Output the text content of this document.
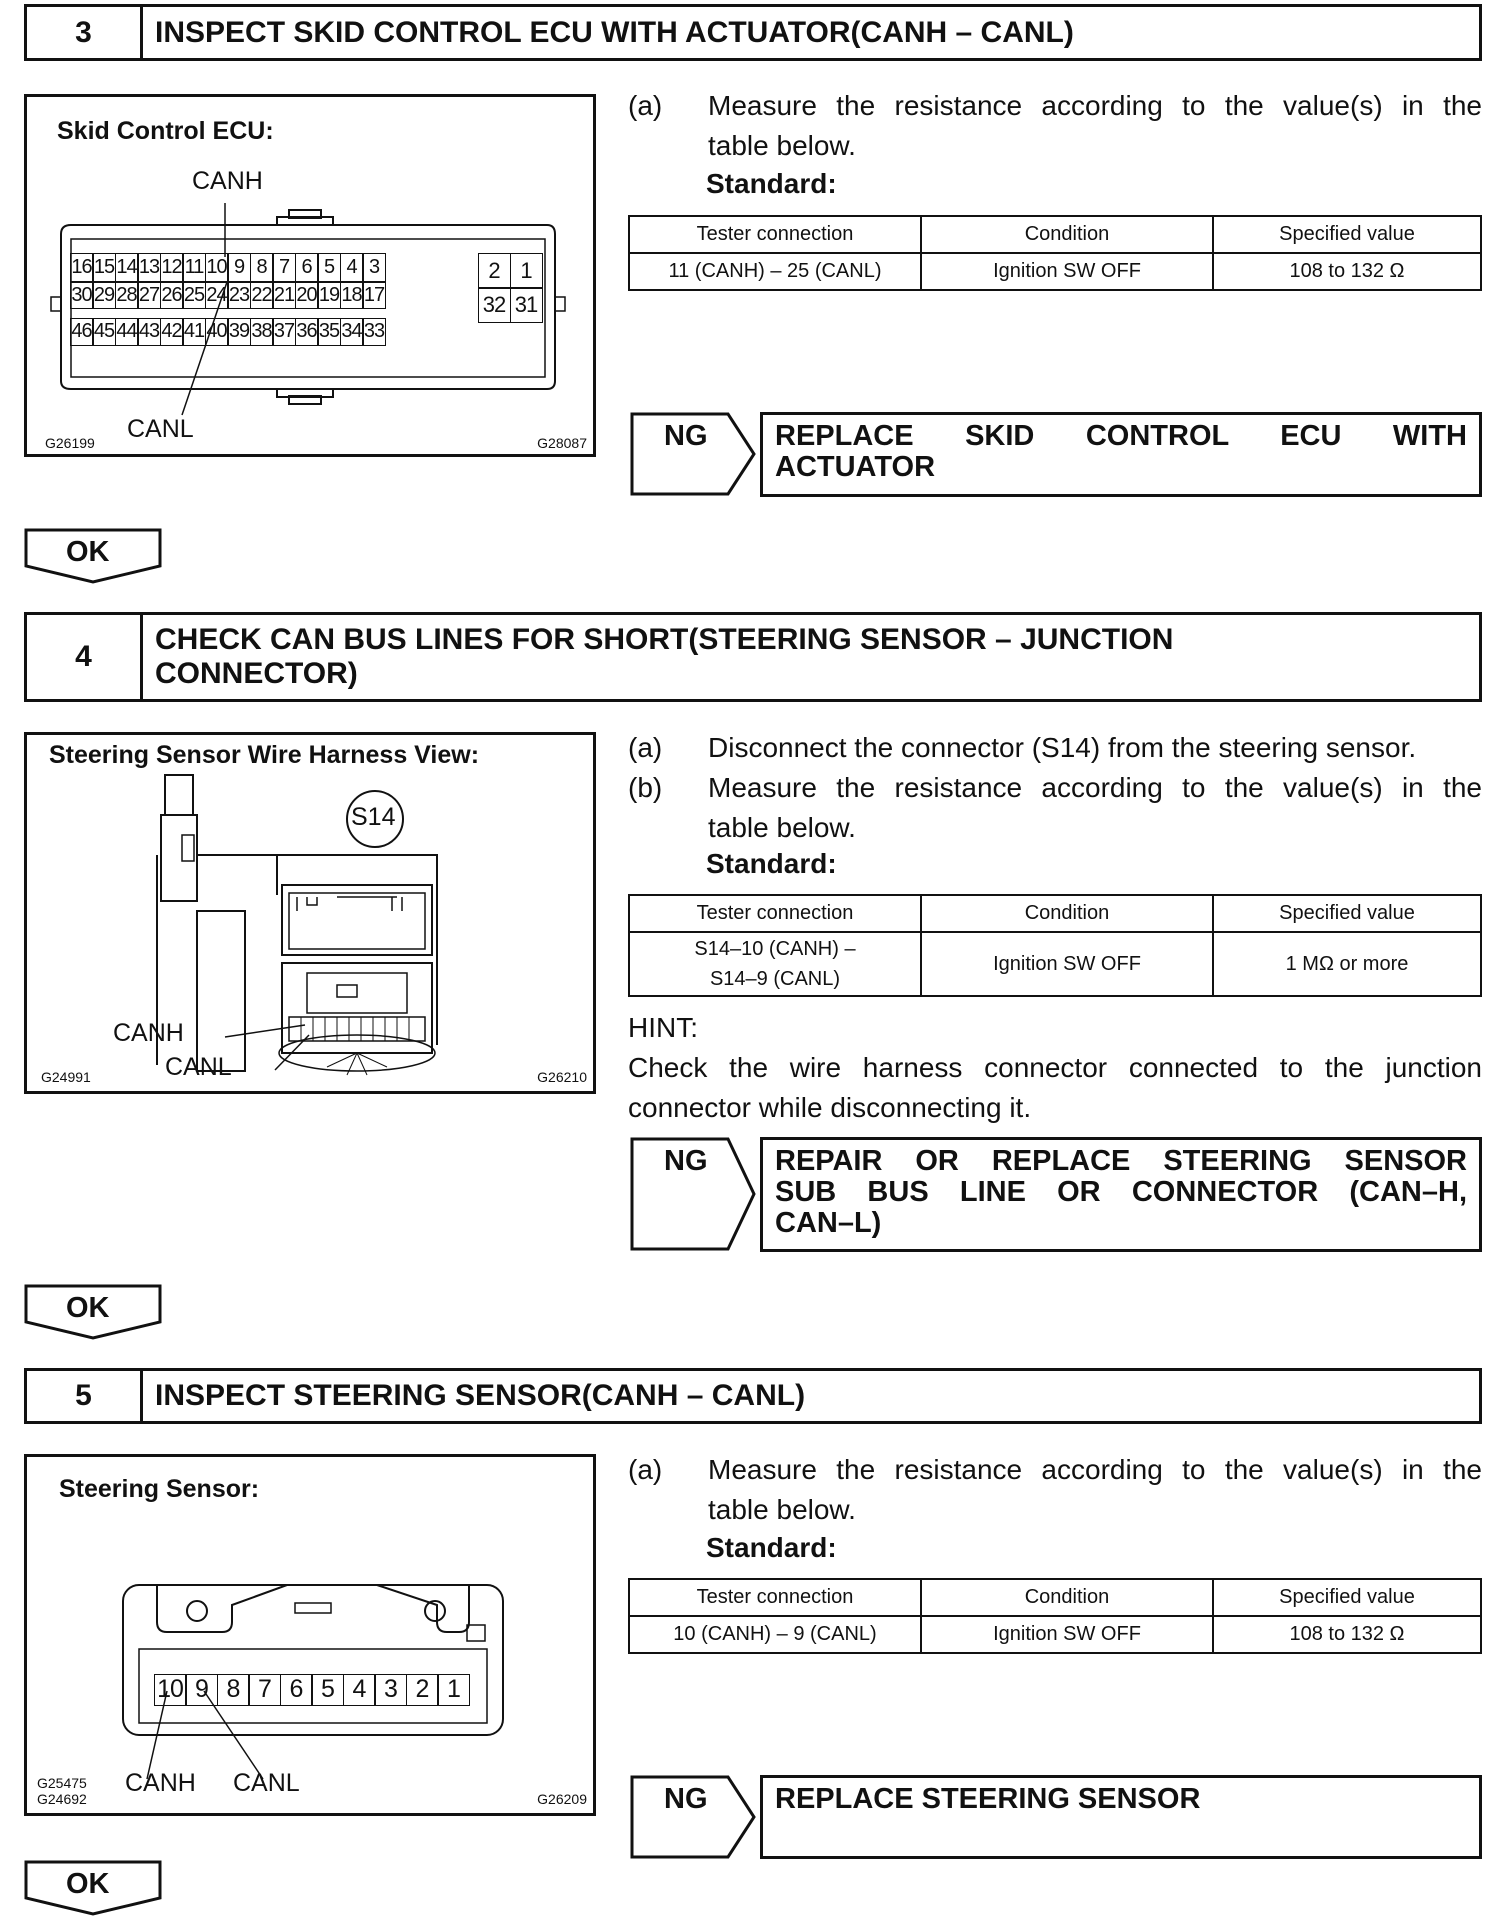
3	INSPECT SKID CONTROL ECU WITH ACTUATOR(CANH – CANL)
Skid Control ECU:
CANH
CANL
G26199	G28087
16 15 14 13 12 11 10 9 8 7 6 5 4 3
30 29 28 27 26 25 24 23 22 21 20 19 18 17
46 45 44 43 42 41 40 39 38 37 36 35 34 33
2 1
32 31
(a) Measure the resistance according to the value(s) in the
table below.
Standard:
Tester connection	Condition	Specified value
11 (CANH) – 25 (CANL)	Ignition SW OFF	108 to 132 Ω
NG REPLACE SKID CONTROL ECU WITH
ACTUATOR
OK
4
CHECK CAN BUS LINES FOR SHORT(STEERING SENSOR – JUNCTION
CONNECTOR)
Steering Sensor Wire Harness View:
S14
CANH
CANL
G24991	G26210
(a) Disconnect the connector (S14) from the steering sensor.
(b) Measure the resistance according to the value(s) in the
table below.
Standard:
Tester connection	Condition	Specified value

S14–10 (CANH) –
S14–9 (CANL)	Ignition SW OFF	1 MΩ or more
HINT:
Check the wire harness connector connected to the junction
connector while disconnecting it.
NG REPAIR OR REPLACE STEERING SENSOR
SUB BUS LINE OR CONNECTOR (CAN–H,
CAN–L)
OK
5	INSPECT STEERING SENSOR(CANH – CANL)
Steering Sensor:
10 9 8 7 6 5 4 3 2 1
CANH CANL
G25475
G24692	G26209
(a) Measure the resistance according to the value(s) in the
table below.
Standard:
Tester connection	Condition	Specified value
10 (CANH) – 9 (CANL)	Ignition SW OFF	108 to 132 Ω
NG REPLACE STEERING SENSOR
OK
